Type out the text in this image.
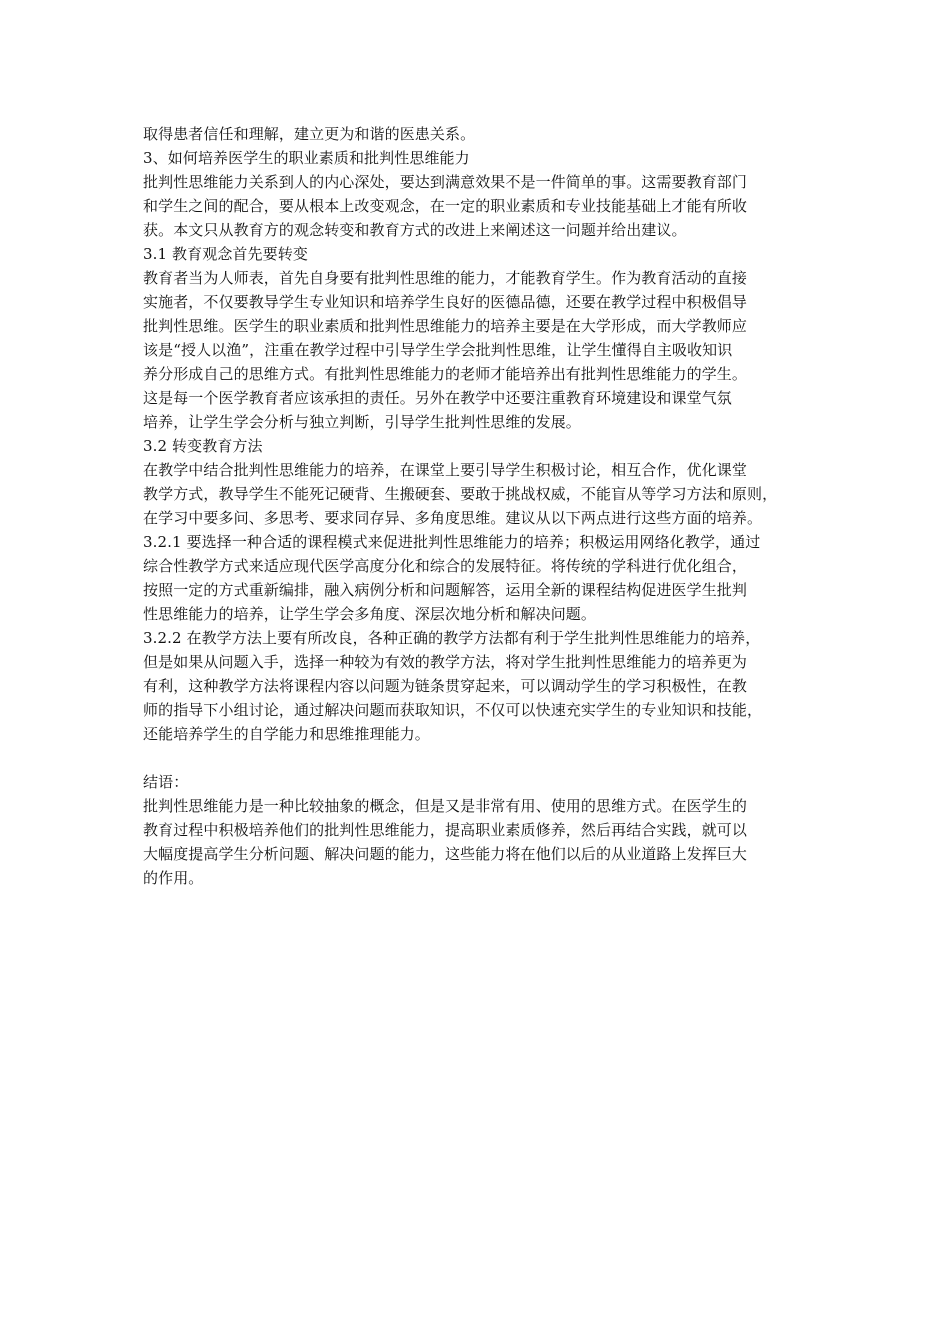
取得患者信任和理解，建立更为和谐的医患关系。
3、如何培养医学生的职业素质和批判性思维能力
批判性思维能力关系到人的内心深处，要达到满意效果不是一件简单的事。这需要教育部门
和学生之间的配合，要从根本上改变观念，在一定的职业素质和专业技能基础上才能有所收
获。本文只从教育方的观念转变和教育方式的改进上来阐述这一问题并给出建议。
3.1 教育观念首先要转变
教育者当为人师表，首先自身要有批判性思维的能力，才能教育学生。作为教育活动的直接
实施者，不仅要教导学生专业知识和培养学生良好的医德品德，还要在教学过程中积极倡导
批判性思维。医学生的职业素质和批判性思维能力的培养主要是在大学形成，而大学教师应
该是“授人以渔”，注重在教学过程中引导学生学会批判性思维，让学生懂得自主吸收知识
养分形成自己的思维方式。有批判性思维能力的老师才能培养出有批判性思维能力的学生。
这是每一个医学教育者应该承担的责任。另外在教学中还要注重教育环境建设和课堂气氛
培养，让学生学会分析与独立判断，引导学生批判性思维的发展。
3.2 转变教育方法
在教学中结合批判性思维能力的培养，在课堂上要引导学生积极讨论，相互合作，优化课堂
教学方式，教导学生不能死记硬背、生搬硬套、要敢于挑战权威，不能盲从等学习方法和原则，
在学习中要多问、多思考、要求同存异、多角度思维。建议从以下两点进行这些方面的培养。
3.2.1 要选择一种合适的课程模式来促进批判性思维能力的培养；积极运用网络化教学，通过
综合性教学方式来适应现代医学高度分化和综合的发展特征。将传统的学科进行优化组合，
按照一定的方式重新编排，融入病例分析和问题解答，运用全新的课程结构促进医学生批判
性思维能力的培养，让学生学会多角度、深层次地分析和解决问题。
3.2.2 在教学方法上要有所改良，各种正确的教学方法都有利于学生批判性思维能力的培养，
但是如果从问题入手，选择一种较为有效的教学方法，将对学生批判性思维能力的培养更为
有利，这种教学方法将课程内容以问题为链条贯穿起来，可以调动学生的学习积极性，在教
师的指导下小组讨论，通过解决问题而获取知识，不仅可以快速充实学生的专业知识和技能，
还能培养学生的自学能力和思维推理能力。
结语：
批判性思维能力是一种比较抽象的概念，但是又是非常有用、使用的思维方式。在医学生的
教育过程中积极培养他们的批判性思维能力，提高职业素质修养，然后再结合实践，就可以
大幅度提高学生分析问题、解决问题的能力，这些能力将在他们以后的从业道路上发挥巨大
的作用。
